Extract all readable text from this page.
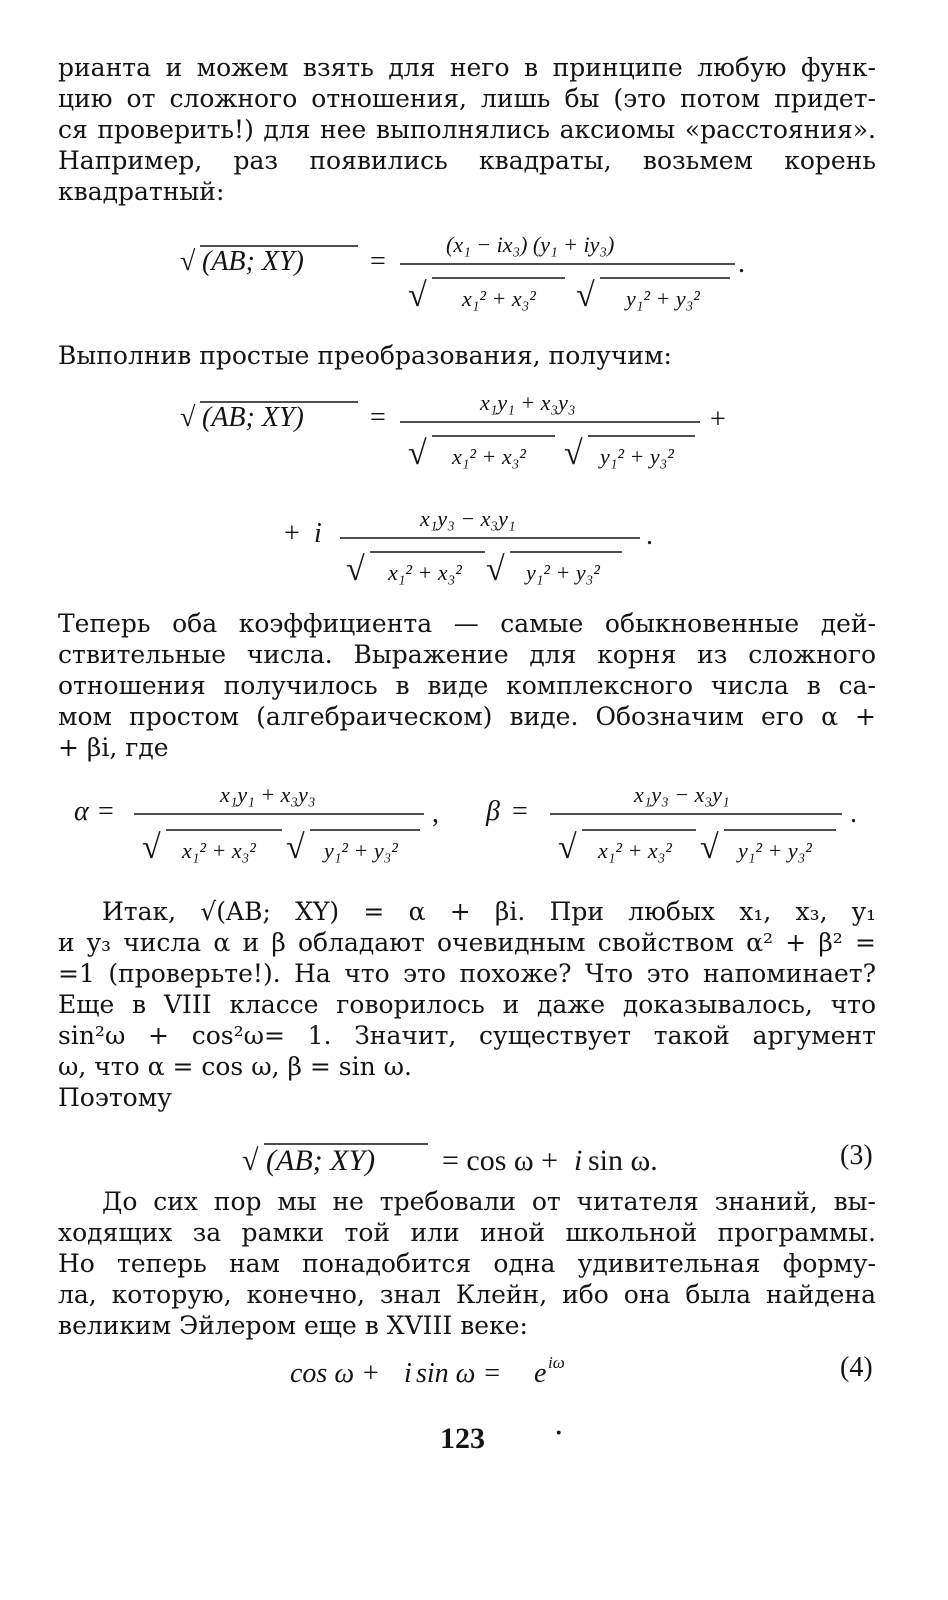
рианта и можем взять для него в принципе любую функ-
цию от сложного отношения, лишь бы (это потом придет-
ся проверить!) для нее выполнялись аксиомы «расстояния».
Например, раз появились квадраты, возьмем корень
квадратный:
√ (AB; XY) =
(x₁ − ix₃) (y₁ + iy₃)
√ x₁² + x₃² √ y₁² + y₃²
.
Выполнив простые преобразования, получим:
√ (AB; XY) =	x₁y₁ + x₃y₃
√ x₁² + x₃² √ y₁² + y₃²
+
+ i	x₁y₃ − x₃y₁
√ x₁² + x₃² √ y₁² + y₃²
.
Теперь оба коэффициента — самые обыкновенные дей-
ствительные числа. Выражение для корня из сложного
отношения получилось в виде комплексного числа в са-
мом простом (алгебраическом) виде. Обозначим его α +
+ βi, где
α =
x₁y₁ + x₃y₃
√ x₁² + x₃² √ y₁² + y₃²
, β =
x₁y₃ − x₃y₁
√ x₁² + x₃² √ y₁² + y₃²
.
Итак, √(AB; XY) = α + βi. При любых x₁, x₃, y₁
и y₃ числа α и β обладают очевидным свойством α² + β² =
=1 (проверьте!). На что это похоже? Что это напоминает?
Еще в VIII классе говорилось и даже доказывалось, что
sin²ω + cos²ω= 1. Значит, существует такой аргумент
ω, что α = cos ω, β = sin ω.
Поэтому
√ (AB; XY) = cos ω + i sin ω.	(3)
До сих пор мы не требовали от читателя знаний, вы-
ходящих за рамки той или иной школьной программы.
Но теперь нам понадобится одна удивительная форму-
ла, которую, конечно, знал Клейн, ибо она была найдена
великим Эйлером еще в XVIII веке:
cos ω + i sin ω = e iω	(4)
123 ·
